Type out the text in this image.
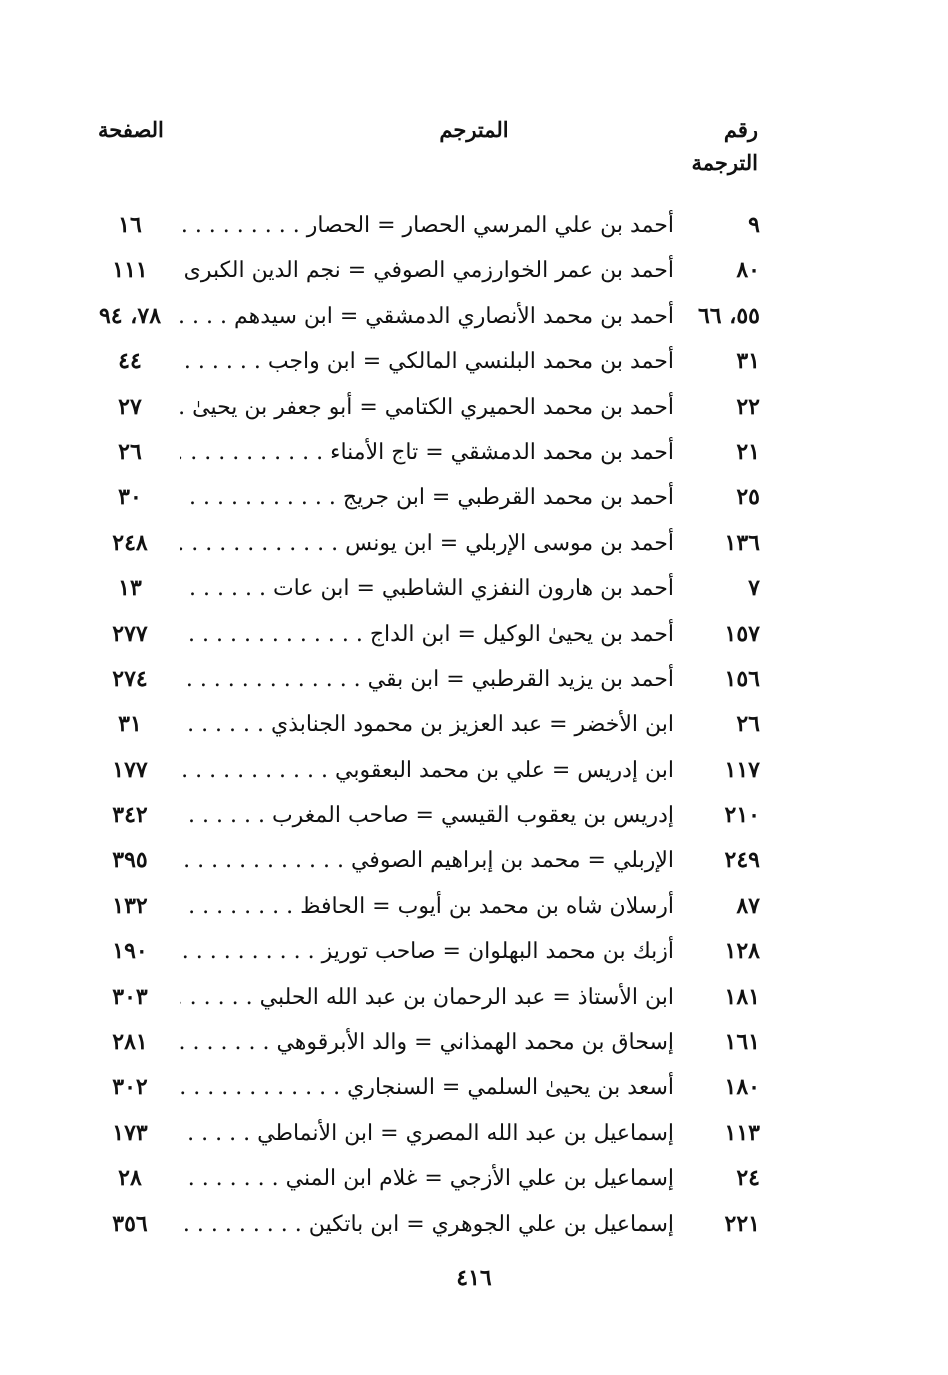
رقم
الترجمة
المترجم
الصفحة
٩
أحمد بن علي المرسي الحصار = الحصار . . .
١٦
٨٠
أحمد بن عمر الخوارزمي الصوفي = نجم الدين الكبرى . . .
١١١
٥٥، ٦٦
أحمد بن محمد الأنصاري الدمشقي = ابن سيدهم . . .
٧٨، ٩٤
٣١
أحمد بن محمد البلنسي المالكي = ابن واجب . . .
٤٤
٢٢
أحمد بن محمد الحميري الكتامي = أبو جعفر بن يحيىٰ . . .
٢٧
٢١
أحمد بن محمد الدمشقي = تاج الأمناء . . .
٢٦
٢٥
أحمد بن محمد القرطبي = ابن جريج . . .
٣٠
١٣٦
أحمد بن موسى الإربلي = ابن يونس . . .
٢٤٨
٧
أحمد بن هارون النفزي الشاطبي = ابن عات . . .
١٣
١٥٧
أحمد بن يحيىٰ الوكيل = ابن الداج . . .
٢٧٧
١٥٦
أحمد بن يزيد القرطبي = ابن بقي . . .
٢٧٤
٢٦
ابن الأخضر = عبد العزيز بن محمود الجنابذي . . .
٣١
١١٧
ابن إدريس = علي بن محمد البعقوبي . . .
١٧٧
٢١٠
إدريس بن يعقوب القيسي = صاحب المغرب . . .
٣٤٢
٢٤٩
الإربلي = محمد بن إبراهيم الصوفي . . .
٣٩٥
٨٧
أرسلان شاه بن محمد بن أيوب = الحافظ . . .
١٣٢
١٢٨
أزبك بن محمد البهلوان = صاحب توريز . . .
١٩٠
١٨١
ابن الأستاذ = عبد الرحمان بن عبد الله الحلبي . . .
٣٠٣
١٦١
إسحاق بن محمد الهمذاني = والد الأبرقوهي . . .
٢٨١
١٨٠
أسعد بن يحيىٰ السلمي = السنجاري . . .
٣٠٢
١١٣
إسماعيل بن عبد الله المصري = ابن الأنماطي . . .
١٧٣
٢٤
إسماعيل بن علي الأزجي = غلام ابن المني . . .
٢٨
٢٢١
إسماعيل بن علي الجوهري = ابن باتكين . . .
٣٥٦
٤١٦
